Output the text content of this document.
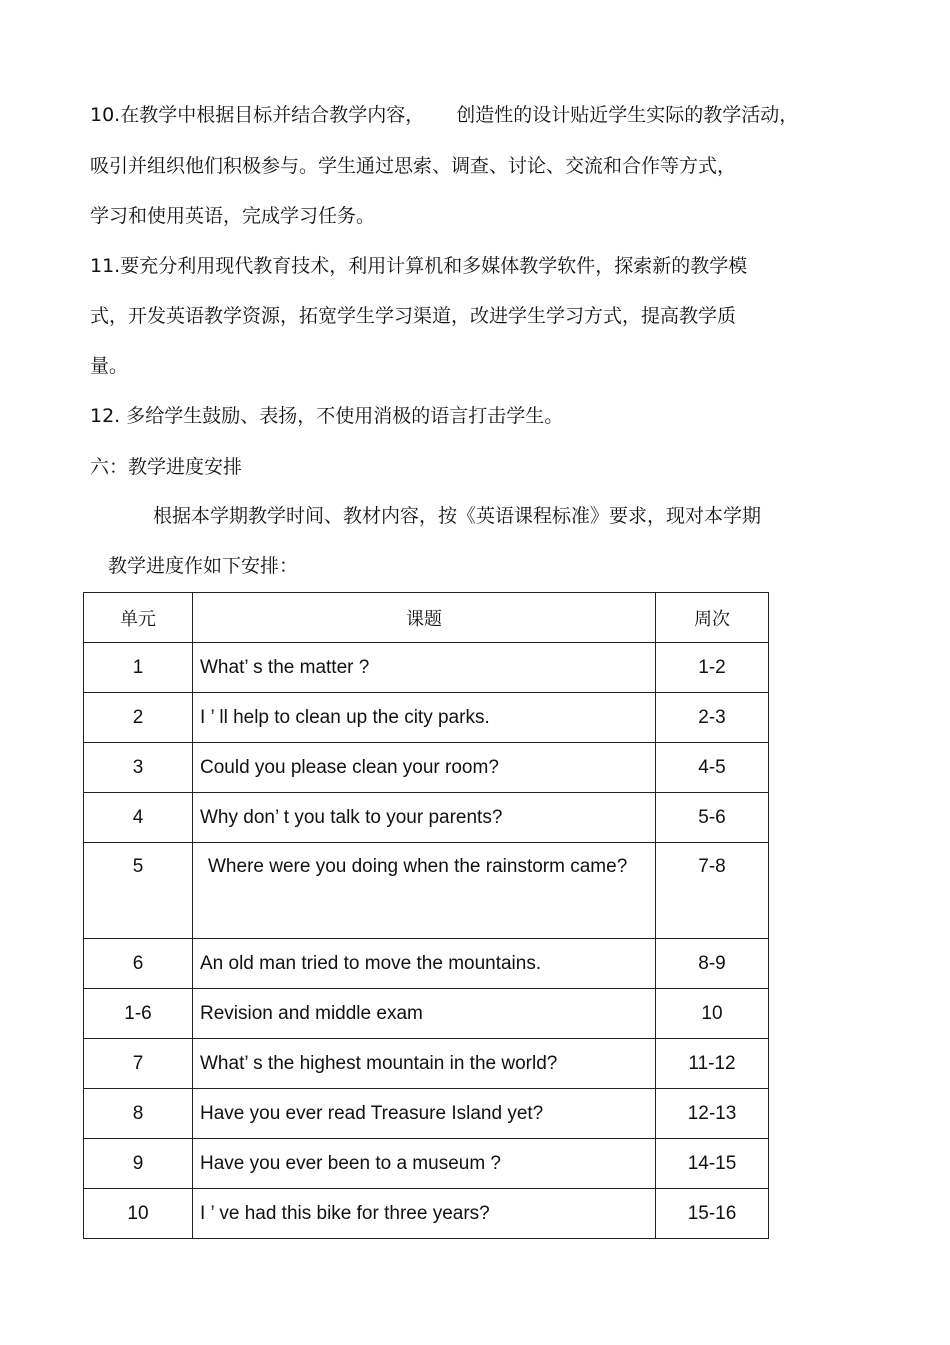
10.在教学中根据目标并结合教学内容， 创造性的设计贴近学生实际的教学活动，
吸引并组织他们积极参与。学生通过思索、调查、讨论、交流和合作等方式，
学习和使用英语，完成学习任务。
11.要充分利用现代教育技术，利用计算机和多媒体教学软件，探索新的教学模
式，开发英语教学资源，拓宽学生学习渠道，改进学生学习方式，提高教学质
量。
12. 多给学生鼓励、表扬，不使用消极的语言打击学生。
六：教学进度安排
根据本学期教学时间、教材内容，按《英语课程标准》要求，现对本学期
教学进度作如下安排：
单元	课题	周次
1	What’ s the matter ?	1-2
2	I ’ ll help to clean up the city parks.	2-3
3	Could you please clean your room?	4-5
4	Why don’ t you talk to your parents?	5-6
5	Where were you doing when the rainstorm came?	7-8
6	An old man tried to move the mountains.	8-9
1-6	Revision and middle exam	10
7	What’ s the highest mountain in the world?	11-12
8	Have you ever read Treasure Island yet?	12-13
9	Have you ever been to a museum ?	14-15
10	I ’ ve had this bike for three years?	15-16
